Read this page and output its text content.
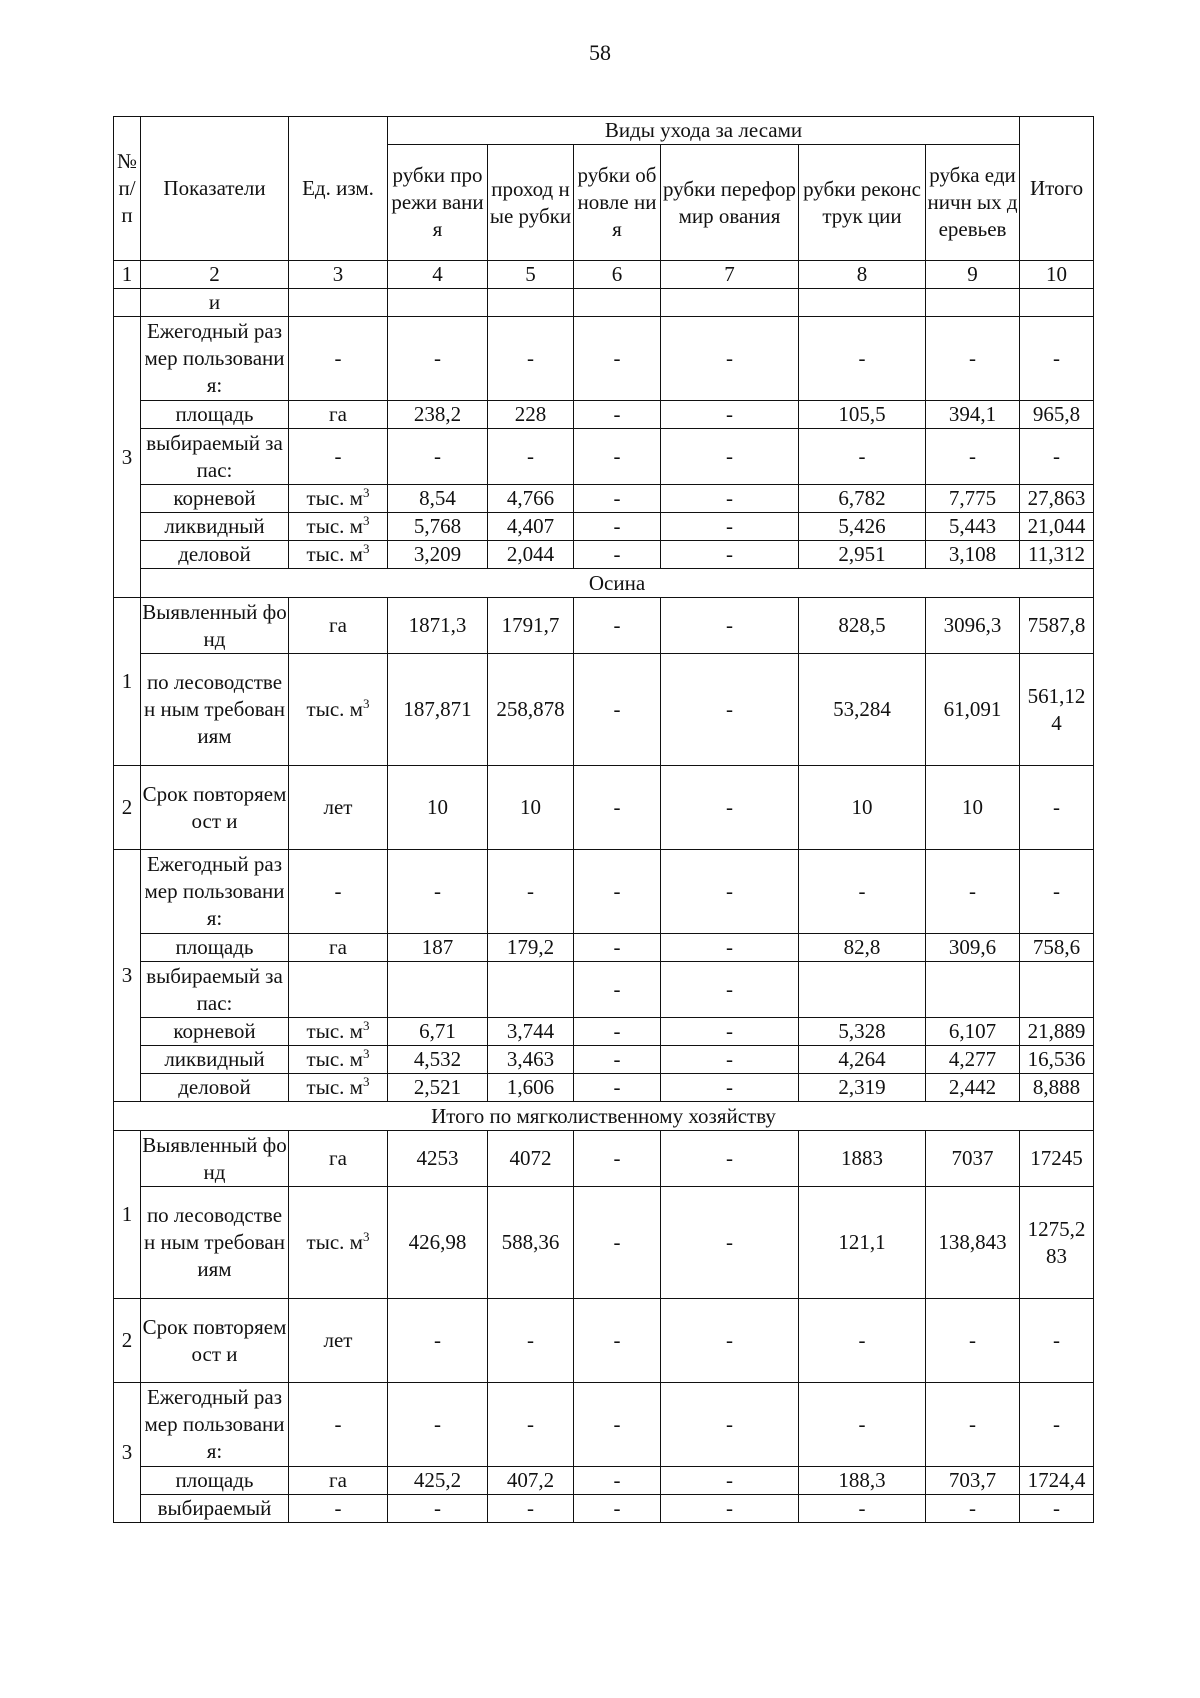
58
№ п/ п	Показатели	Ед. изм.	Виды ухода за лесами						Итого
			рубки прорежи вания	проход ные рубки	рубки обновле ния	рубки переформир ования	рубки реконструк ции	рубка единичн ых деревьев	
1	2	3	4	5	6	7	8	9	10
	и								
3	Ежегодный размер пользования:	-	-	-	-	-	-	-	-
	площадь	га	238,2	228	-	-	105,5	394,1	965,8
	выбираемый запас:	-	-	-	-	-	-	-	-
	корневой	тыс. $м^3$	8,54	4,766	-	-	6,782	7,775	27,863
	ликвидный	тыс. $м^3$	5,768	4,407	-	-	5,426	5,443	21,044
	деловой	тыс. $м^3$	3,209	2,044	-	-	2,951	3,108	11,312
	Осина								
1	Выявленный фонд	га	1871,3	1791,7	-	-	828,5	3096,3	7587,8
	по лесоводствен ным требованиям	тыс. $м^3$	187,871	258,878	-	-	53,284	61,091	561,12 4
2	Срок повторяемост и	лет	10	10	-	-	10	10	-
3	Ежегодный размер пользования:	-	-	-	-	-	-	-	-
	площадь	га	187	179,2	-	-	82,8	309,6	758,6
	выбираемый запас:				-	-			
	корневой	тыс. $м^3$	6,71	3,744	-	-	5,328	6,107	21,889
	ликвидный	тыс. $м^3$	4,532	3,463	-	-	4,264	4,277	16,536
	деловой	тыс. $м^3$	2,521	1,606	-	-	2,319	2,442	8,888
Итого по мягколиственному хозяйству									
1	Выявленный фонд	га	4253	4072	-	-	1883	7037	17245
	по лесоводствен ным требованиям	тыс. $м^3$	426,98	588,36	-	-	121,1	138,843	1275,2 83
2	Срок повторяемост и	лет	-	-	-	-	-	-	-
3	Ежегодный размер пользования:	-	-	-	-	-	-	-	-
	площадь	га	425,2	407,2	-	-	188,3	703,7	1724,4
	выбираемый	-	-	-	-	-	-	-	-
